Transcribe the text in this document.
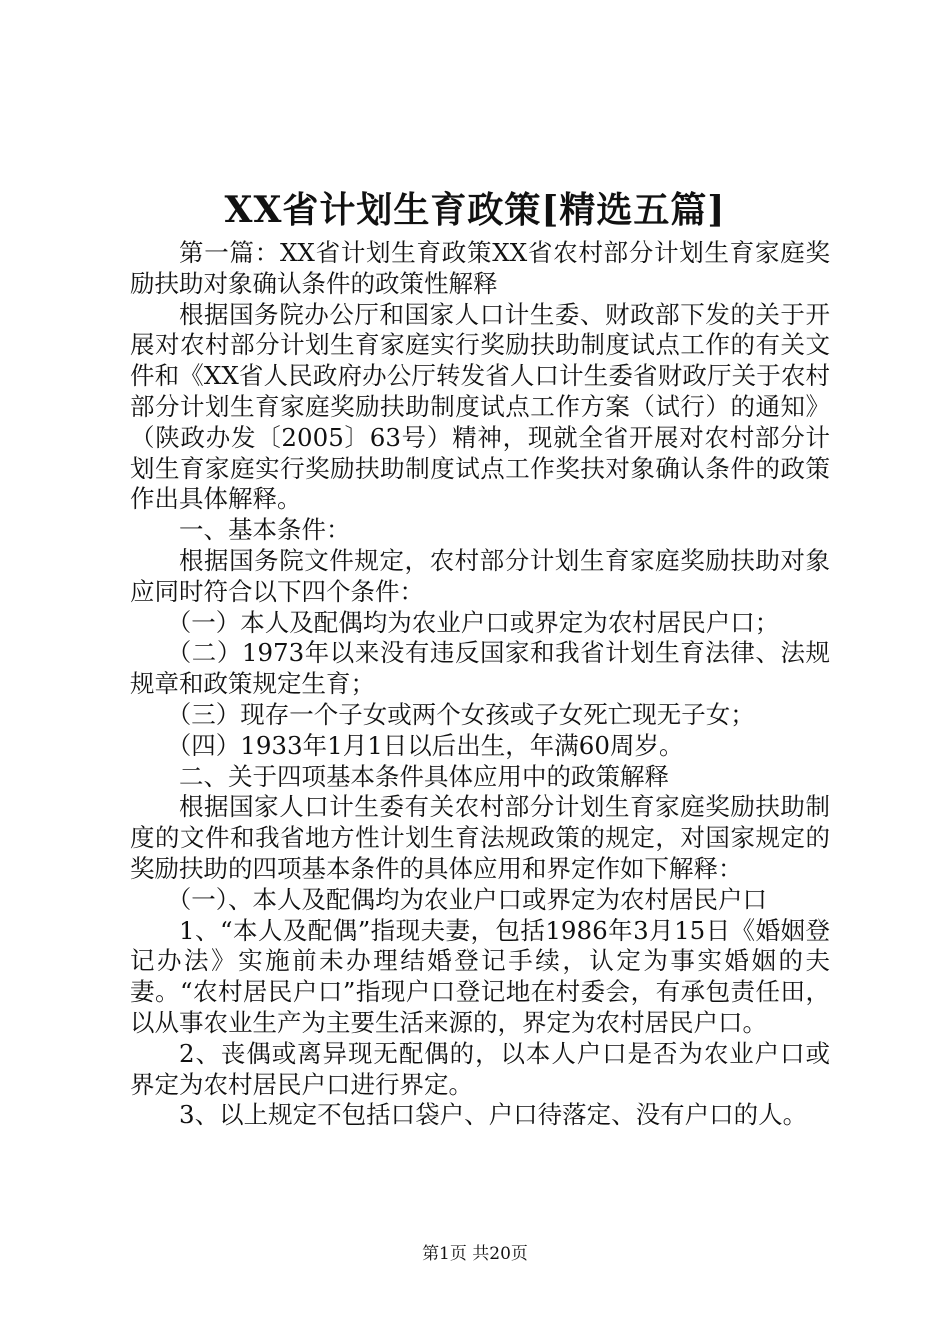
XX省计划生育政策[精选五篇]

第一篇：XX省计划生育政策XX省农村部分计划生育家庭奖励扶助对象确认条件的政策性解释

根据国务院办公厅和国家人口计生委、财政部下发的关于开展对农村部分计划生育家庭实行奖励扶助制度试点工作的有关文件和《XX省人民政府办公厅转发省人口计生委省财政厅关于农村部分计划生育家庭奖励扶助制度试点工作方案（试行）的通知》（陕政办发〔2005〕63号）精神，现就全省开展对农村部分计划生育家庭实行奖励扶助制度试点工作奖扶对象确认条件的政策作出具体解释。

一、基本条件：

根据国务院文件规定，农村部分计划生育家庭奖励扶助对象应同时符合以下四个条件：

（一）本人及配偶均为农业户口或界定为农村居民户口；

（二）1973年以来没有违反国家和我省计划生育法律、法规规章和政策规定生育；

（三）现存一个子女或两个女孩或子女死亡现无子女；

（四）1933年1月1日以后出生，年满60周岁。

二、关于四项基本条件具体应用中的政策解释

根据国家人口计生委有关农村部分计划生育家庭奖励扶助制度的文件和我省地方性计划生育法规政策的规定，对国家规定的奖励扶助的四项基本条件的具体应用和界定作如下解释：

（一）、本人及配偶均为农业户口或界定为农村居民户口

1、“本人及配偶”指现夫妻，包括1986年3月15日《婚姻登记办法》实施前未办理结婚登记手续，认定为事实婚姻的夫妻。“农村居民户口”指现户口登记地在村委会，有承包责任田，以从事农业生产为主要生活来源的，界定为农村居民户口。

2、丧偶或离异现无配偶的，以本人户口是否为农业户口或界定为农村居民户口进行界定。

3、以上规定不包括口袋户、户口待落定、没有户口的人。

第1页 共20页
